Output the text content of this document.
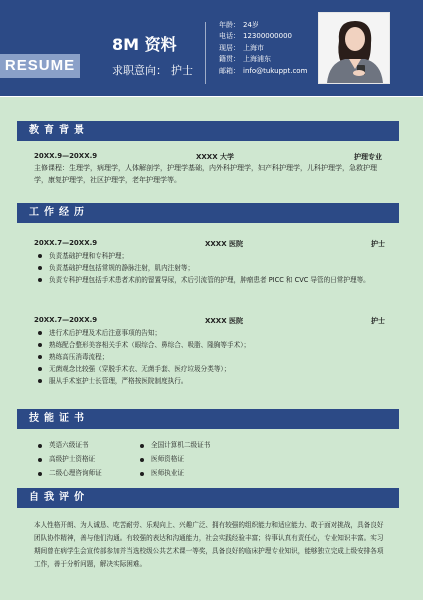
RESUME
8M 资料
求职意向： 护士
年龄： 24岁
电话： 12300000000
现居： 上海市
籍贯： 上海浦东
邮箱： info@tukuppt.com
教育背景
20XX.9—20XX.9	XXXX 大学	护理专业
主修课程：生理学，病理学，人体解剖学，护理学基础，内外科护理学，妇产科护理学，儿科护理学，急救护理学，康复护理学，社区护理学，老年护理学等。
工作经历
20XX.7—20XX.9	XXXX 医院	护士
负责基础护理和专科护理；
负责基础护理包括常规的静脉注射，肌内注射等；
负责专科护理包括手术患者术前的留置导尿，术后引流管的护理，肿瘤患者 PICC 和 CVC 导管的日常护理等。
20XX.7—20XX.9	XXXX 医院	护士
进行术后护理及术后注意事项的告知；
熟练配合整形美容相关手术（眼综合、鼻综合、吸脂、隆胸等手术）；
熟练高压消毒流程；
无菌观念比较强（穿脱手术衣、无菌手套、医疗垃圾分类等）；
服从手术室护士长管理，严格按医院制度执行。
技能证书
英语六级证书
高级护士资格证
二级心理咨询师证
全国计算机二级证书
医师资格证
医师执业证
自我评价
本人性格开朗、为人诚恳、吃苦耐劳、乐观向上、兴趣广泛、拥有较强的组织能力和适应能力、敢于面对挑战，具备良好团队协作精神，善与他们沟通。有较强的表达和沟通能力，社会实践经验丰富；待事认真有责任心，专业知识丰富。实习期间曾在病学生会宣传部参加并当选校级公共艺术课一等奖，具备良好的临床护理专业知识，能够独立完成上级安排各项工作，善于分析问题，解决实际困难。
